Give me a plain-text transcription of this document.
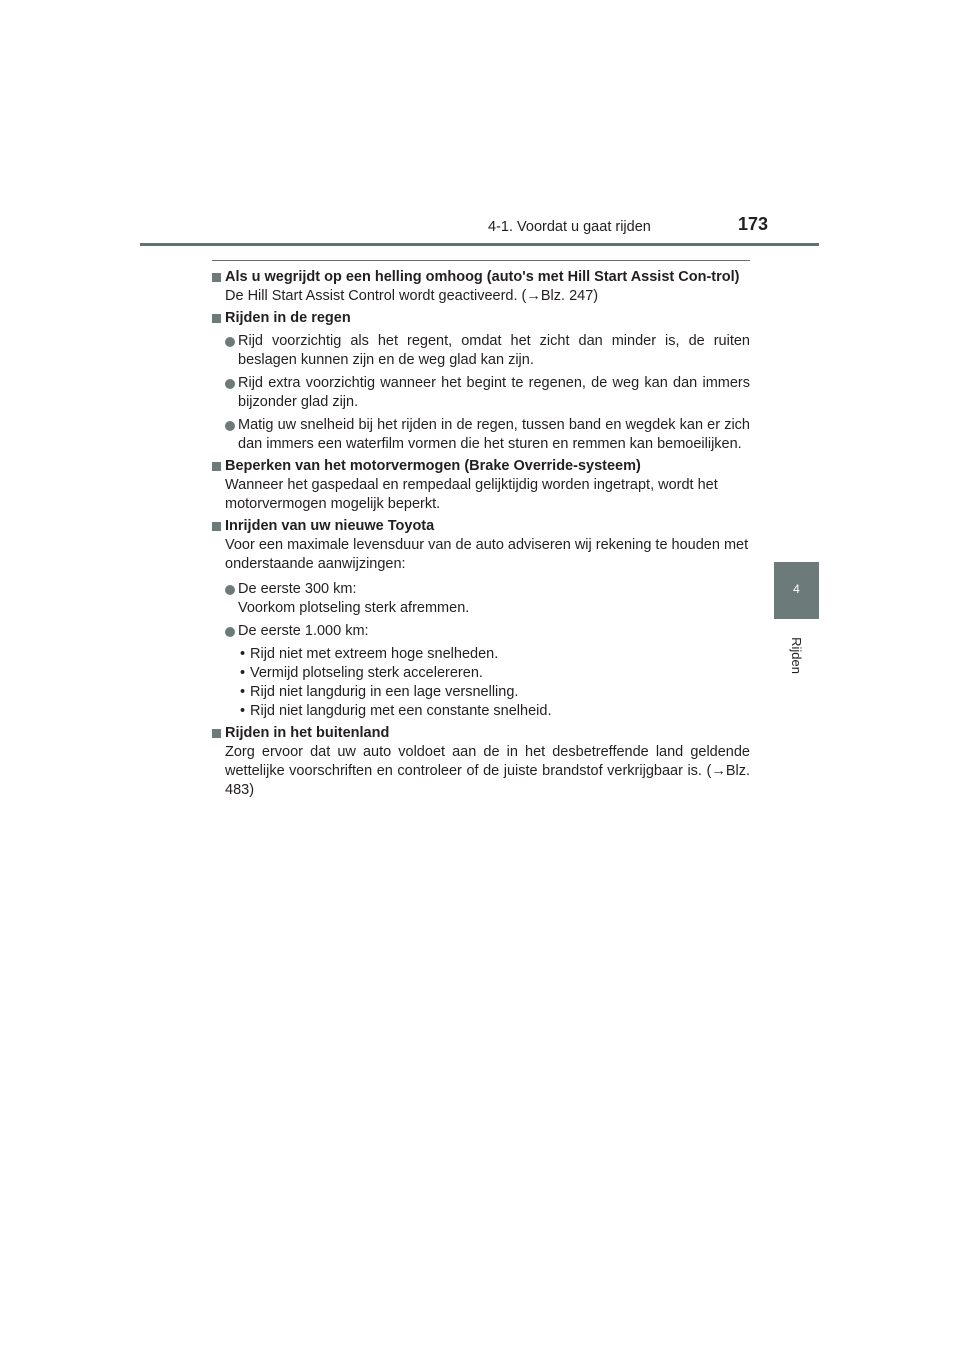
4-1. Voordat u gaat rijden	173
4
Rijden
Als u wegrijdt op een helling omhoog (auto's met Hill Start Assist Con-trol)
De Hill Start Assist Control wordt geactiveerd. (→Blz. 247)
Rijden in de regen
Rijd voorzichtig als het regent, omdat het zicht dan minder is, de ruiten beslagen kunnen zijn en de weg glad kan zijn.
Rijd extra voorzichtig wanneer het begint te regenen, de weg kan dan immers bijzonder glad zijn.
Matig uw snelheid bij het rijden in de regen, tussen band en wegdek kan er zich dan immers een waterfilm vormen die het sturen en remmen kan bemoeilijken.
Beperken van het motorvermogen (Brake Override-systeem)
Wanneer het gaspedaal en rempedaal gelijktijdig worden ingetrapt, wordt het motorvermogen mogelijk beperkt.
Inrijden van uw nieuwe Toyota
Voor een maximale levensduur van de auto adviseren wij rekening te houden met onderstaande aanwijzingen:
De eerste 300 km:
Voorkom plotseling sterk afremmen.
De eerste 1.000 km:
• Rijd niet met extreem hoge snelheden.
• Vermijd plotseling sterk accelereren.
• Rijd niet langdurig in een lage versnelling.
• Rijd niet langdurig met een constante snelheid.
Rijden in het buitenland
Zorg ervoor dat uw auto voldoet aan de in het desbetreffende land geldende wettelijke voorschriften en controleer of de juiste brandstof verkrijgbaar is. (→Blz. 483)
